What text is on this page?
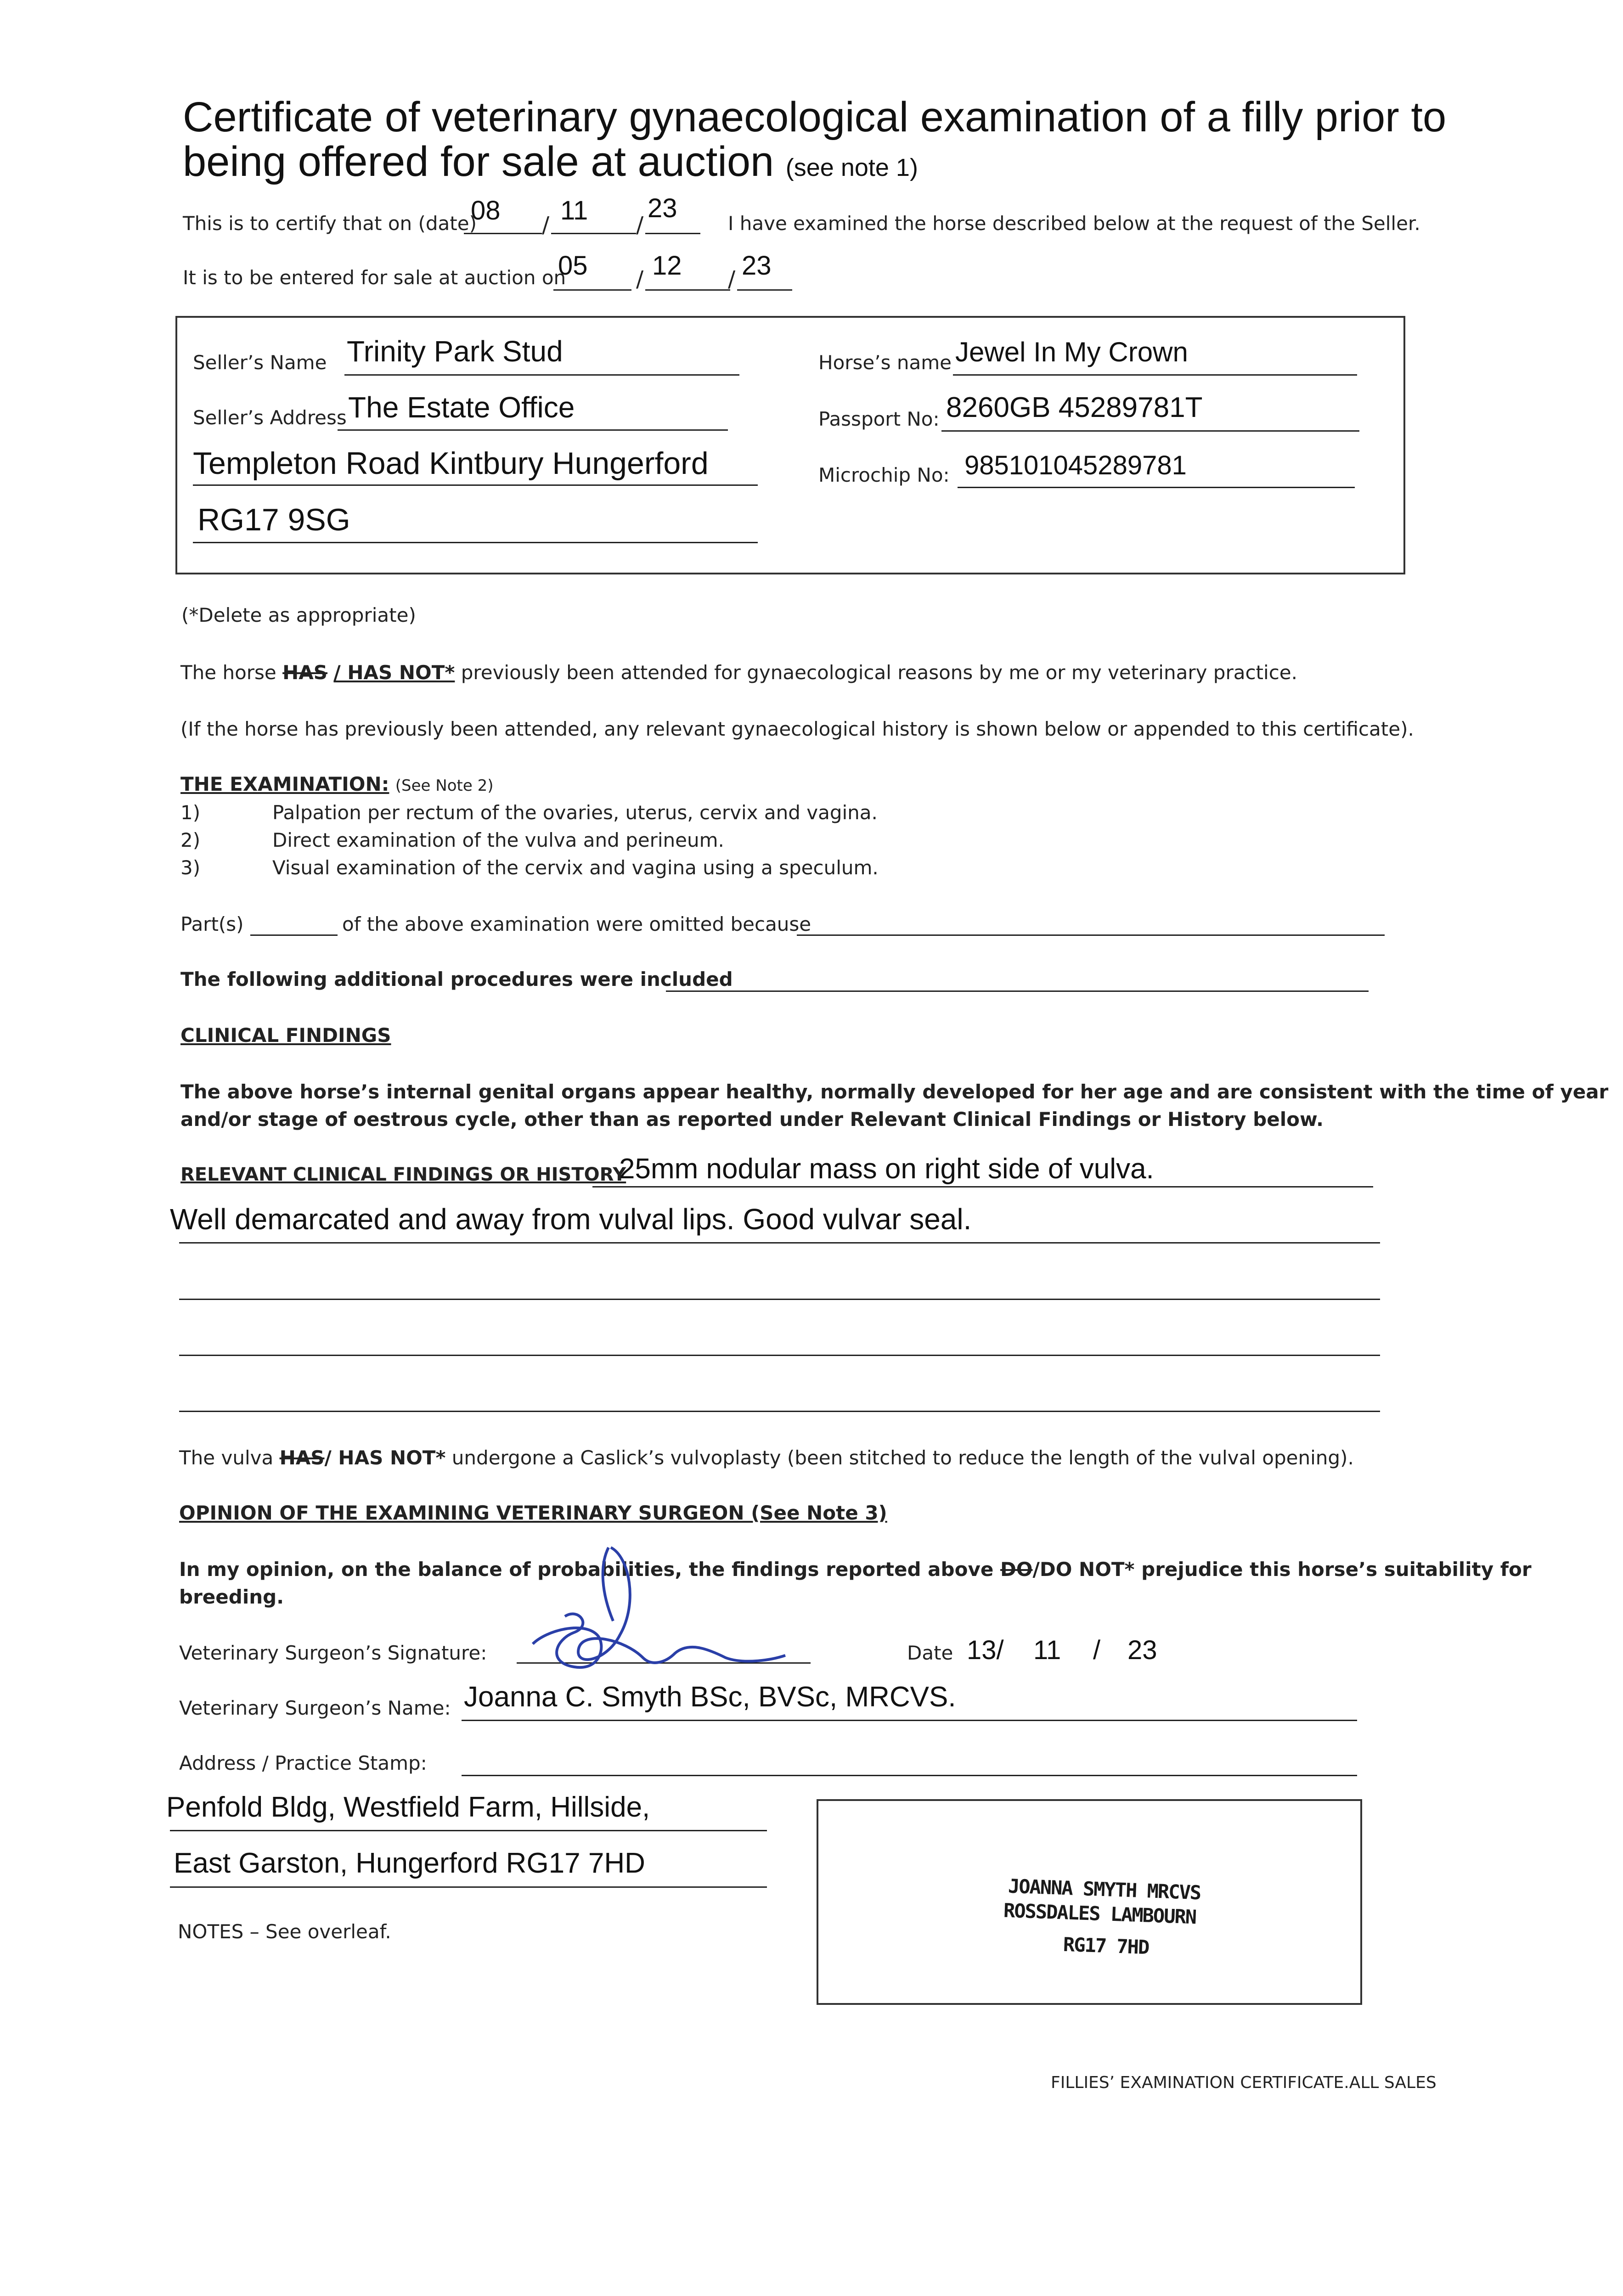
Certificate of veterinary gynaecological examination of a filly prior to
being offered for sale at auction (see note 1)
This is to certify that on (date)
08 / 11 /
23
I have examined the horse described below at the request of the Seller.
It is to be entered for sale at auction on
05 / 12 / 23
Seller’s Name Trinity Park Stud
Seller’s Address The Estate Office
Templeton Road Kintbury Hungerford
RG17 9SG
Horse’s name Jewel In My Crown
Passport No: 8260GB 45289781T
Microchip No: 985101045289781
(*Delete as appropriate)
The horse HAS / HAS NOT* previously been attended for gynaecological reasons by me or my veterinary practice.
(If the horse has previously been attended, any relevant gynaecological history is shown below or appended to this certificate).
THE EXAMINATION: (See Note 2)
1)	Palpation per rectum of the ovaries, uterus, cervix and vagina.
2)	Direct examination of the vulva and perineum.
3)	Visual examination of the cervix and vagina using a speculum.
Part(s)	of the above examination were omitted because
The following additional procedures were included
CLINICAL FINDINGS
The above horse’s internal genital organs appear healthy, normally developed for her age and are consistent with the time of year
and/or stage of oestrous cycle, other than as reported under Relevant Clinical Findings or History below.
RELEVANT CLINICAL FINDINGS OR HISTORY
25mm nodular mass on right side of vulva.
Well demarcated and away from vulval lips. Good vulvar seal.
The vulva HAS/ HAS NOT* undergone a Caslick’s vulvoplasty (been stitched to reduce the length of the vulval opening).
OPINION OF THE EXAMINING VETERINARY SURGEON (See Note 3)
In my opinion, on the balance of probabilities, the findings reported above DO/DO NOT* prejudice this horse’s suitability for
breeding.
Veterinary Surgeon’s Signature:	Date 13/ 11 / 23
Veterinary Surgeon’s Name: Joanna C. Smyth BSc, BVSc, MRCVS.
Address / Practice Stamp:
Penfold Bldg, Westfield Farm, Hillside,
East Garston, Hungerford RG17 7HD
JOANNA SMYTH MRCVS
ROSSDALES LAMBOURN
RG17 7HD
NOTES – See overleaf.
FILLIES’ EXAMINATION CERTIFICATE.ALL SALES
